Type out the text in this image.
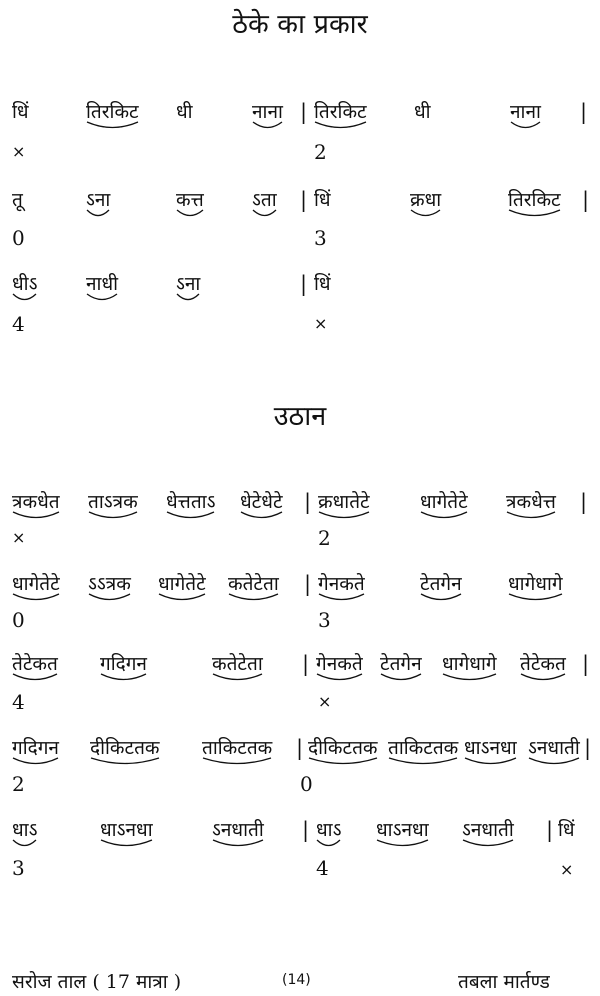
ठेके का प्रकार
धिं	तिरकिट धी	नाना | तिरकिट धी	नाना |
×	2
तू	ऽना	कत्त	ऽता | धिं	क्रधा	तिरकिट |
0	3
धीऽ	नाधी	ऽना	| धिं
4	×
उठान
त्रकधेत ताऽत्रक धेत्तताऽ धेटेधेटे | क्रधातेटे	धागेतेटे त्रकधेत्त |
×	2
धागेतेटे ऽऽत्रक धागेतेटे कतेटेता | गेनकते	टेतगेन धागेधागे
0	3
तेटेकत गदिगन	कतेटेता | गेनकते टेतगेन धागेधागे तेटेकत |
4	×
गदिगन दीकिटतक ताकिटतक | दीकिटतक ताकिटतक धाऽनधा ऽनधाती |
2	0
धाऽ	धाऽनधा	ऽनधाती | धाऽ धाऽनधा ऽनधाती | धिं
3	4	×
सरोज ताल ( 17 मात्रा )	(14)	तबला मार्तण्ड
